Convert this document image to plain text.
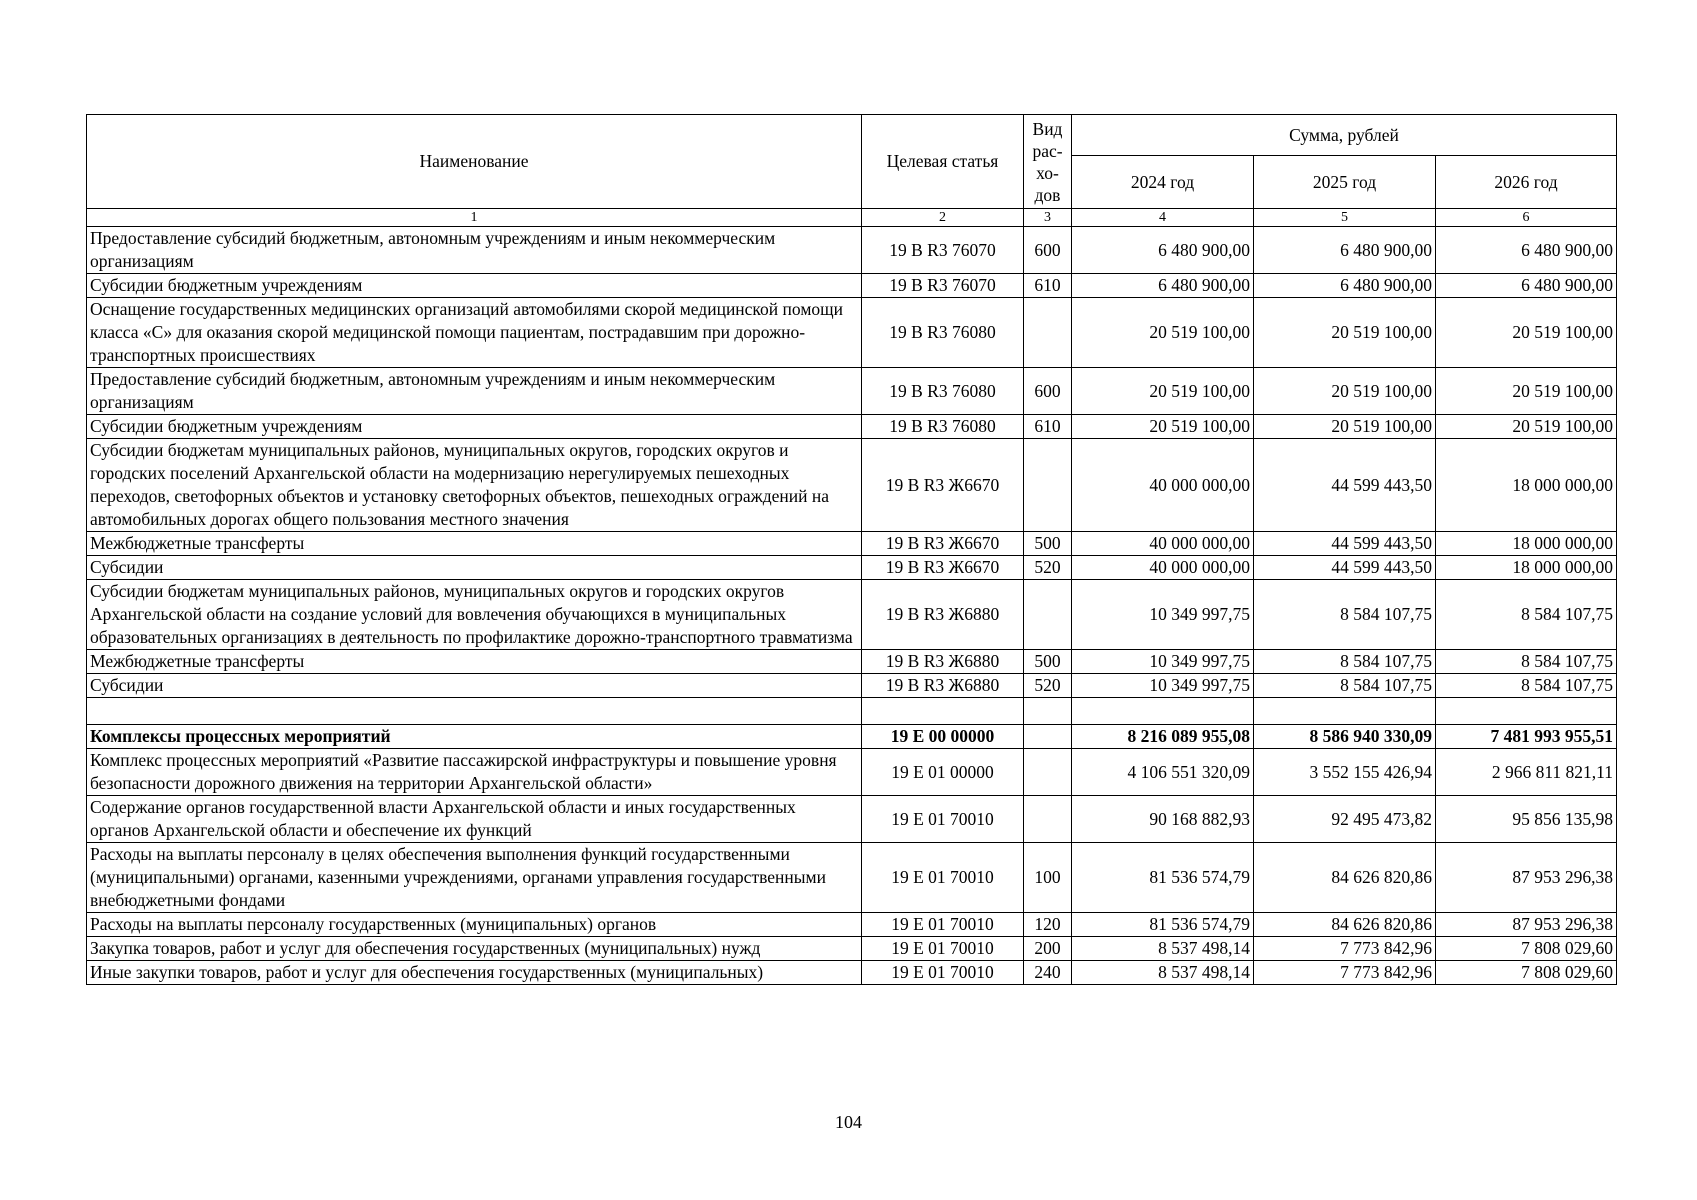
Наименование	Целевая статья	Вид рас-хо-дов	Сумма, рублей		
			2024 год	2025 год	2026 год
1	2	3	4	5	6
Предоставление субсидий бюджетным, автономным учреждениям и иным некоммерческим организациям	19 В R3 76070	600	6 480 900,00	6 480 900,00	6 480 900,00
Субсидии бюджетным учреждениям	19 В R3 76070	610	6 480 900,00	6 480 900,00	6 480 900,00
Оснащение государственных медицинских организаций автомобилями скорой медицинской помощи класса «С» для оказания скорой медицинской помощи пациентам, пострадавшим при дорожно-транспортных происшествиях	19 В R3 76080		20 519 100,00	20 519 100,00	20 519 100,00
Предоставление субсидий бюджетным, автономным учреждениям и иным некоммерческим организациям	19 В R3 76080	600	20 519 100,00	20 519 100,00	20 519 100,00
Субсидии бюджетным учреждениям	19 В R3 76080	610	20 519 100,00	20 519 100,00	20 519 100,00
Субсидии бюджетам муниципальных районов, муниципальных округов, городских округов и городских поселений Архангельской области на модернизацию нерегулируемых пешеходных переходов, светофорных объектов и установку светофорных объектов, пешеходных ограждений на автомобильных дорогах общего пользования местного значения	19 В R3 Ж6670		40 000 000,00	44 599 443,50	18 000 000,00
Межбюджетные трансферты	19 В R3 Ж6670	500	40 000 000,00	44 599 443,50	18 000 000,00
Субсидии	19 В R3 Ж6670	520	40 000 000,00	44 599 443,50	18 000 000,00
Субсидии бюджетам муниципальных районов, муниципальных округов и городских округов Архангельской области на создание условий для вовлечения обучающихся в муниципальных образовательных организациях в деятельность по профилактике дорожно-транспортного травматизма	19 В R3 Ж6880		10 349 997,75	8 584 107,75	8 584 107,75
Межбюджетные трансферты	19 В R3 Ж6880	500	10 349 997,75	8 584 107,75	8 584 107,75
Субсидии	19 В R3 Ж6880	520	10 349 997,75	8 584 107,75	8 584 107,75

Комплексы процессных мероприятий	19 Е 00 00000		8 216 089 955,08	8 586 940 330,09	7 481 993 955,51
Комплекс процессных мероприятий «Развитие пассажирской инфраструктуры и повышение уровня безопасности дорожного движения на территории Архангельской области»	19 Е 01 00000		4 106 551 320,09	3 552 155 426,94	2 966 811 821,11
Содержание органов государственной власти Архангельской области и иных государственных органов Архангельской области и обеспечение их функций	19 Е 01 70010		90 168 882,93	92 495 473,82	95 856 135,98
Расходы на выплаты персоналу в целях обеспечения выполнения функций государственными (муниципальными) органами, казенными учреждениями, органами управления государственными внебюджетными фондами	19 Е 01 70010	100	81 536 574,79	84 626 820,86	87 953 296,38
Расходы на выплаты персоналу государственных (муниципальных) органов	19 Е 01 70010	120	81 536 574,79	84 626 820,86	87 953 296,38
Закупка товаров, работ и услуг для обеспечения государственных (муниципальных) нужд	19 Е 01 70010	200	8 537 498,14	7 773 842,96	7 808 029,60
Иные закупки товаров, работ и услуг для обеспечения государственных (муниципальных)	19 Е 01 70010	240	8 537 498,14	7 773 842,96	7 808 029,60
104
